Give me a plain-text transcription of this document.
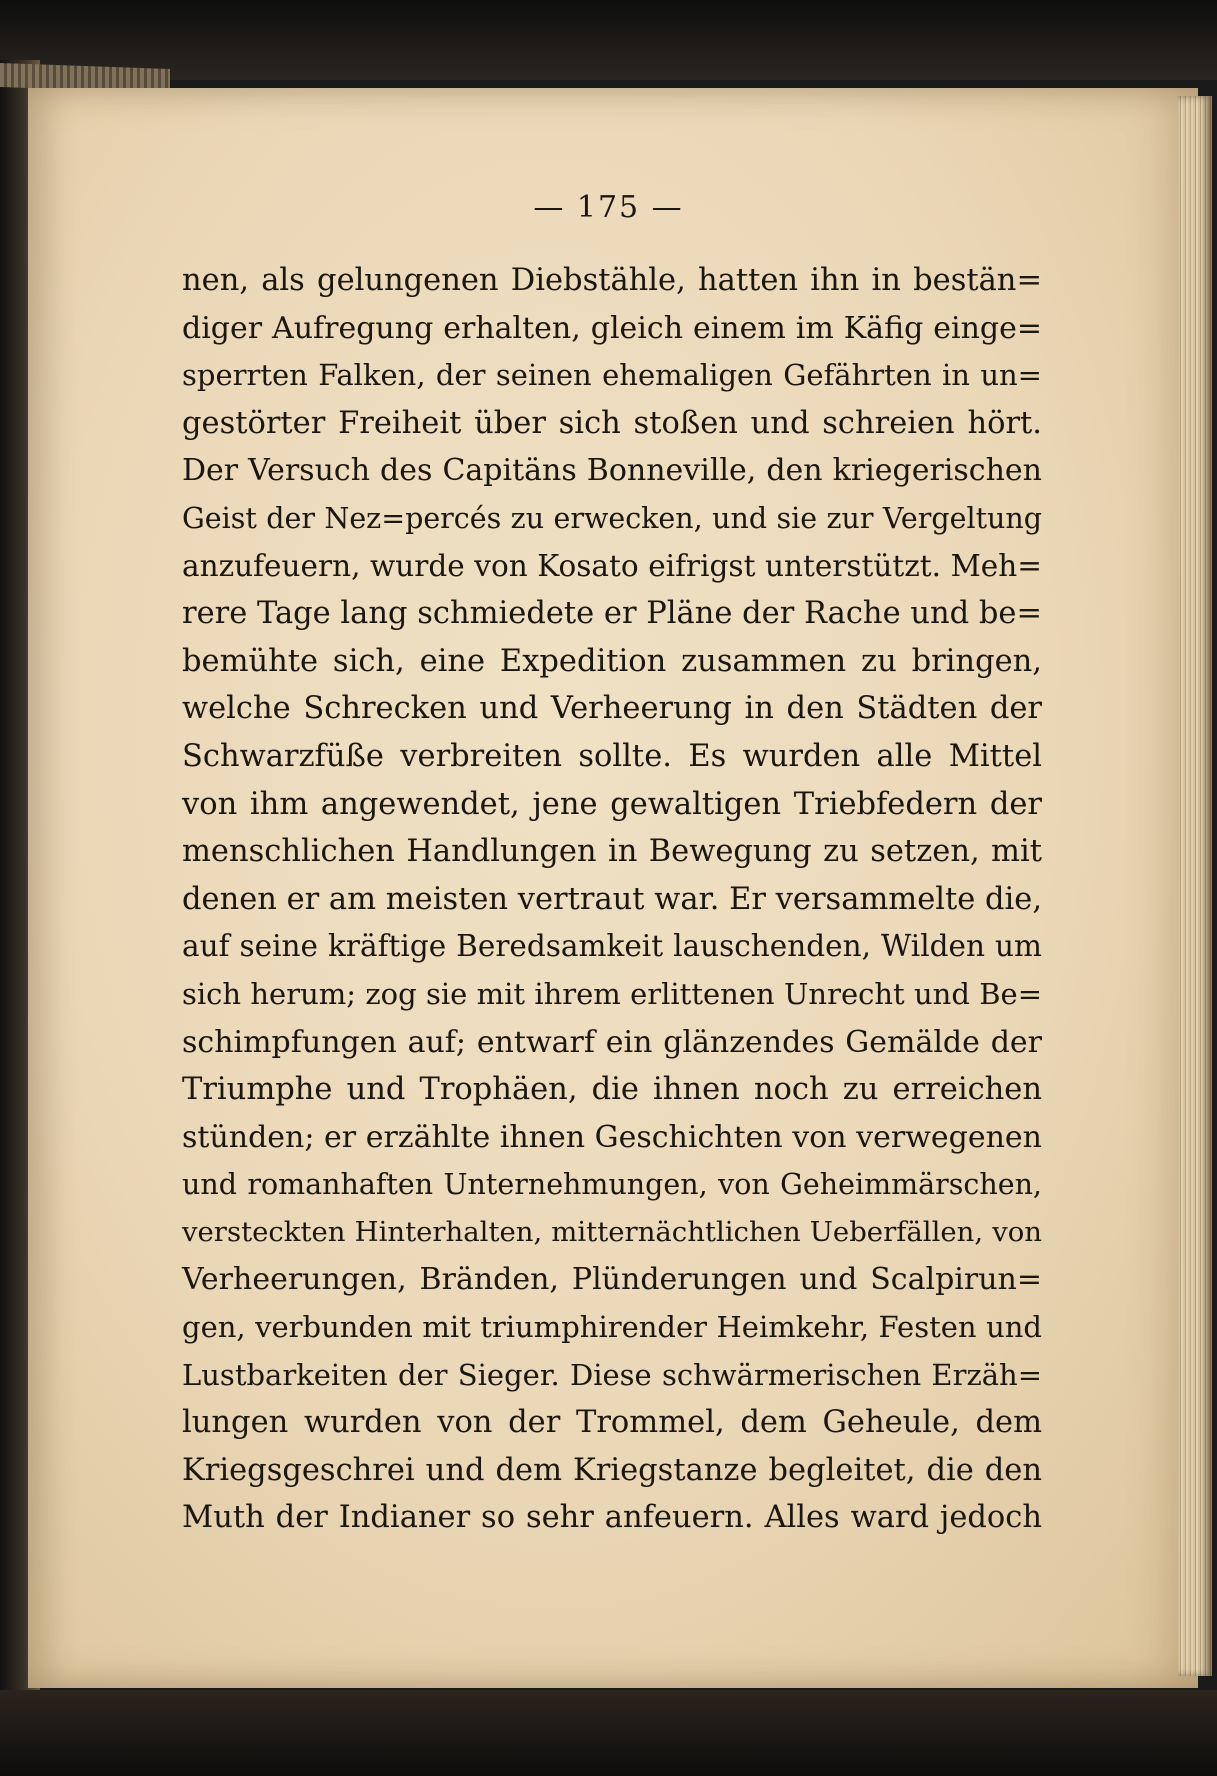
— 175 —
nen, als gelungenen Diebstähle, hatten ihn in bestän=
diger Aufregung erhalten, gleich einem im Käfig einge=
sperrten Falken, der seinen ehemaligen Gefährten in un=
gestörter Freiheit über sich stoßen und schreien hört.
Der Versuch des Capitäns Bonneville, den kriegerischen
Geist der Nez=percés zu erwecken, und sie zur Vergeltung
anzufeuern, wurde von Kosato eifrigst unterstützt. Meh=
rere Tage lang schmiedete er Pläne der Rache und be=
bemühte sich, eine Expedition zusammen zu bringen,
welche Schrecken und Verheerung in den Städten der
Schwarzfüße verbreiten sollte. Es wurden alle Mittel
von ihm angewendet, jene gewaltigen Triebfedern der
menschlichen Handlungen in Bewegung zu setzen, mit
denen er am meisten vertraut war. Er versammelte die,
auf seine kräftige Beredsamkeit lauschenden, Wilden um
sich herum; zog sie mit ihrem erlittenen Unrecht und Be=
schimpfungen auf; entwarf ein glänzendes Gemälde der
Triumphe und Trophäen, die ihnen noch zu erreichen
stünden; er erzählte ihnen Geschichten von verwegenen
und romanhaften Unternehmungen, von Geheimmärschen,
versteckten Hinterhalten, mitternächtlichen Ueberfällen, von
Verheerungen, Bränden, Plünderungen und Scalpirun=
gen, verbunden mit triumphirender Heimkehr, Festen und
Lustbarkeiten der Sieger. Diese schwärmerischen Erzäh=
lungen wurden von der Trommel, dem Geheule, dem
Kriegsgeschrei und dem Kriegstanze begleitet, die den
Muth der Indianer so sehr anfeuern. Alles ward jedoch
